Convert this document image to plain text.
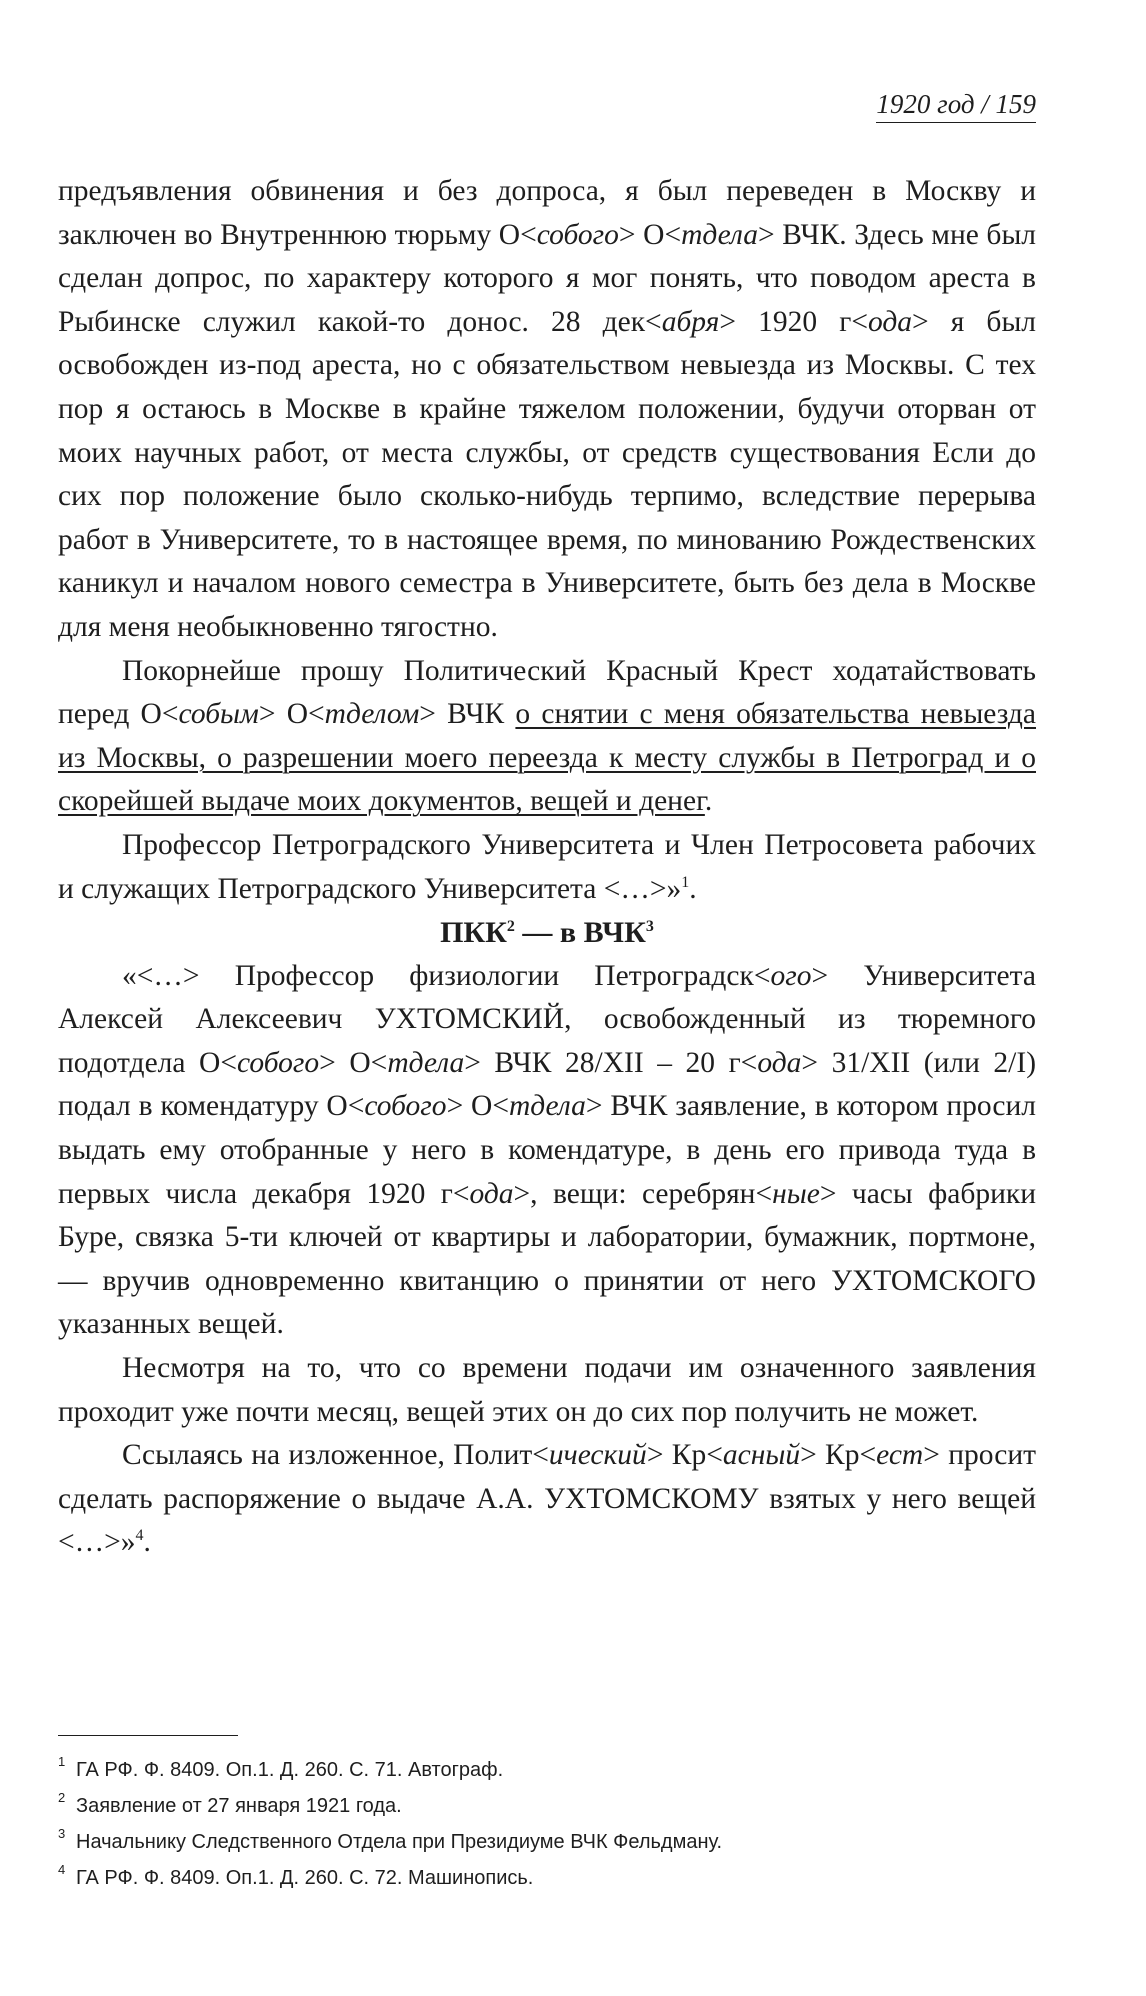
1920 год / 159

предъявления обвинения и без допроса, я был переведен в Москву и заключен во Внутреннюю тюрьму О<собого> О<тдела> ВЧК. Здесь мне был сделан допрос, по характеру которого я мог понять, что поводом ареста в Рыбинске служил какой-то донос. 28 дек<абря> 1920 г<ода> я был освобожден из-под ареста, но с обязательством невыезда из Москвы. С тех пор я остаюсь в Москве в крайне тяжелом положении, будучи оторван от моих научных работ, от места службы, от средств существования Если до сих пор положение было сколько-нибудь терпимо, вследствие перерыва работ в Университете, то в настоящее время, по минованию Рождественских каникул и началом нового семестра в Университете, быть без дела в Москве для меня необыкновенно тягостно.

Покорнейше прошу Политический Красный Крест ходатайствовать перед О<собым> О<тделом> ВЧК о снятии с меня обязательства невыезда из Москвы, о разрешении моего переезда к месту службы в Петроград и о скорейшей выдаче моих документов, вещей и денег.

Профессор Петроградского Университета и Член Петросовета рабочих и служащих Петроградского Университета <…>»$^1$.

ПКК$^2$ — в ВЧК$^3$

«<…> Профессор физиологии Петроградск<ого> Университета Алексей Алексеевич УХТОМСКИЙ, освобожденный из тюремного подотдела О<собого> О<тдела> ВЧК 28/XII – 20 г<ода> 31/XII (или 2/I) подал в комендатуру О<собого> О<тдела> ВЧК заявление, в котором просил выдать ему отобранные у него в комендатуре, в день его привода туда в первых числа декабря 1920 г<ода>, вещи: серебрян<ные> часы фабрики Буре, связка 5-ти ключей от квартиры и лаборатории, бумажник, портмоне, — вручив одновременно квитанцию о принятии от него УХТОМСКОГО указанных вещей.

Несмотря на то, что со времени подачи им означенного заявления проходит уже почти месяц, вещей этих он до сих пор получить не может.

Ссылаясь на изложенное, Полит<ический> Кр<асный> Кр<ест> просит сделать распоряжение о выдаче А.А. УХТОМСКОМУ взятых у него вещей <…>»$^4$.

1 ГА РФ. Ф. 8409. Оп.1. Д. 260. С. 71. Автограф.
2 Заявление от 27 января 1921 года.
3 Начальнику Следственного Отдела при Президиуме ВЧК Фельдману.
4 ГА РФ. Ф. 8409. Оп.1. Д. 260. С. 72. Машинопись.
